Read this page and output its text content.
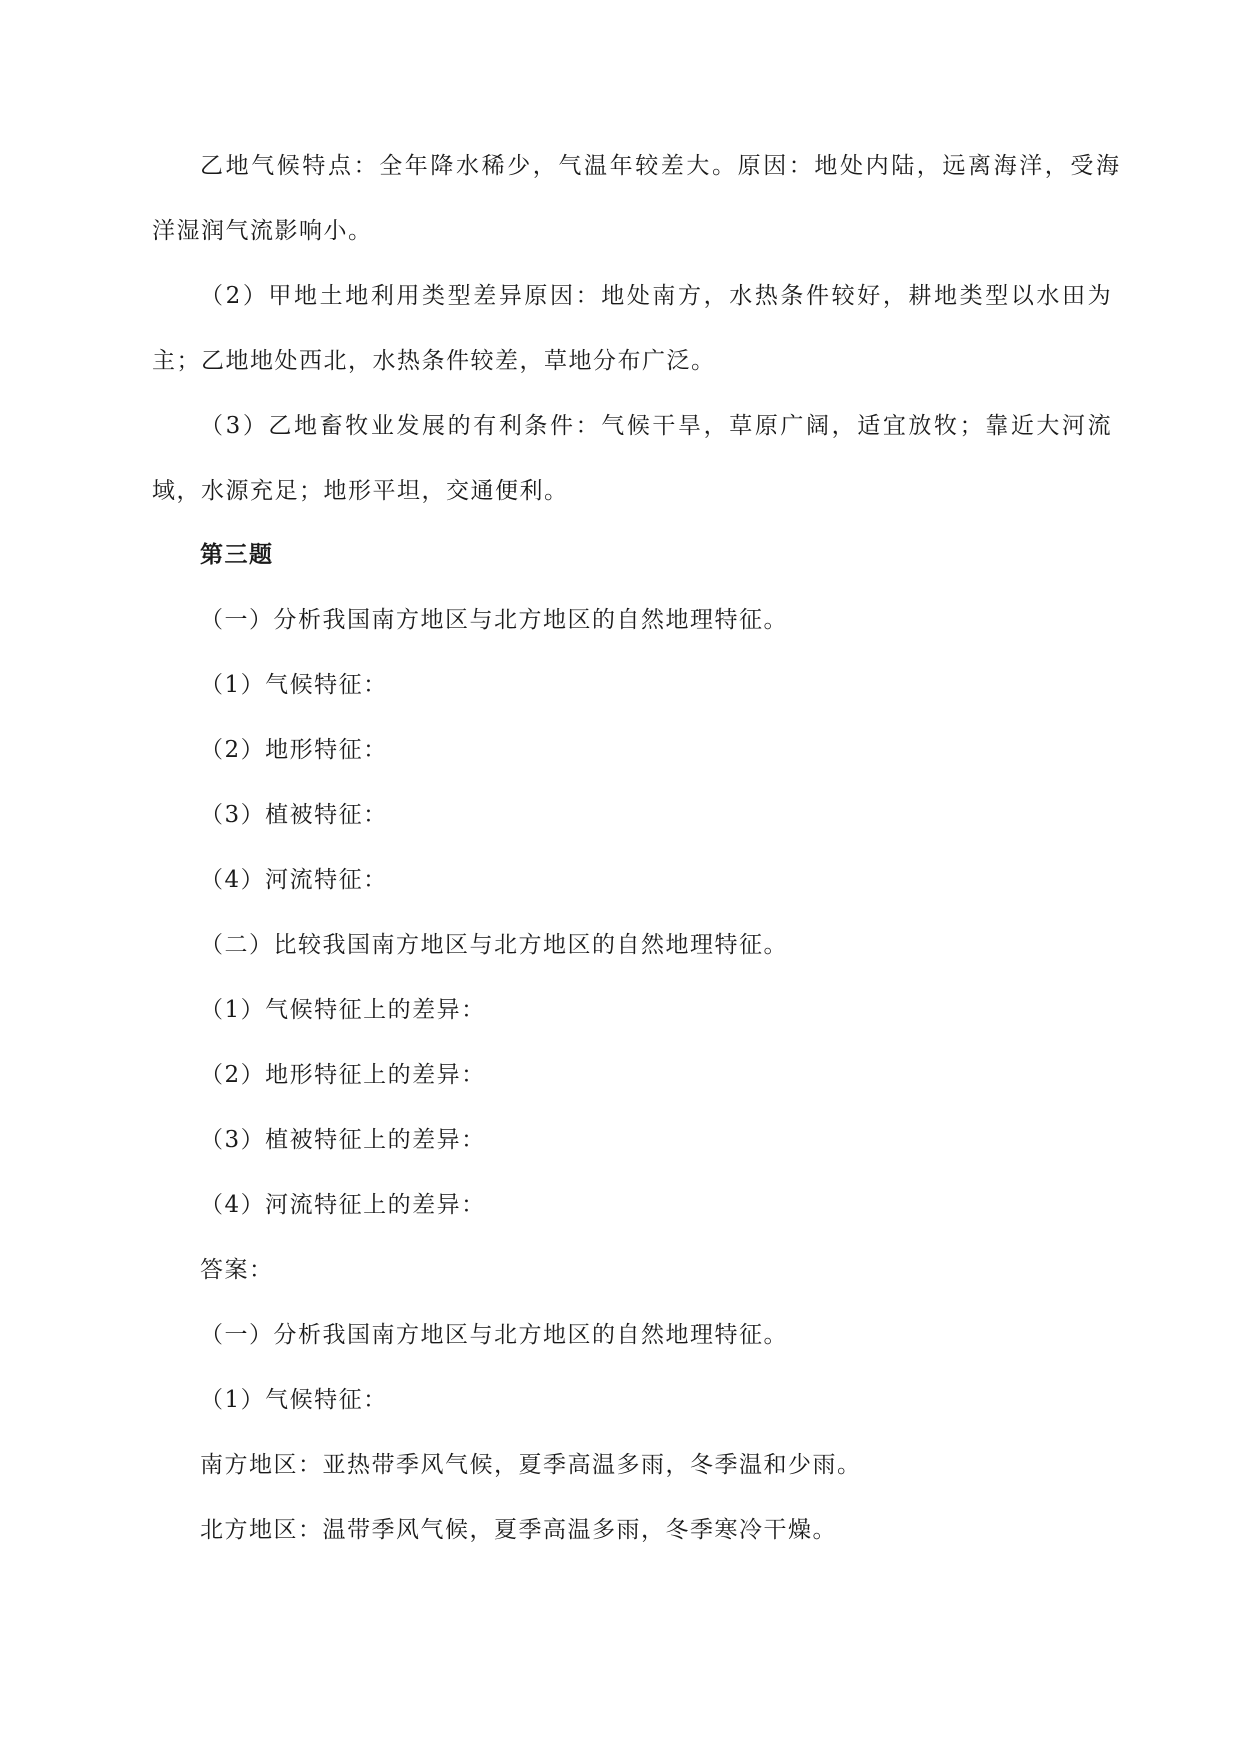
乙地气候特点：全年降水稀少，气温年较差大。原因：地处内陆，远离海洋，受海
洋湿润气流影响小。
（2）甲地土地利用类型差异原因：地处南方，水热条件较好，耕地类型以水田为
主；乙地地处西北，水热条件较差，草地分布广泛。
（3）乙地畜牧业发展的有利条件：气候干旱，草原广阔，适宜放牧；靠近大河流
域，水源充足；地形平坦，交通便利。
第三题
（一）分析我国南方地区与北方地区的自然地理特征。
（1）气候特征：
（2）地形特征：
（3）植被特征：
（4）河流特征：
（二）比较我国南方地区与北方地区的自然地理特征。
（1）气候特征上的差异：
（2）地形特征上的差异：
（3）植被特征上的差异：
（4）河流特征上的差异：
答案：
（一）分析我国南方地区与北方地区的自然地理特征。
（1）气候特征：
南方地区：亚热带季风气候，夏季高温多雨，冬季温和少雨。
北方地区：温带季风气候，夏季高温多雨，冬季寒冷干燥。
